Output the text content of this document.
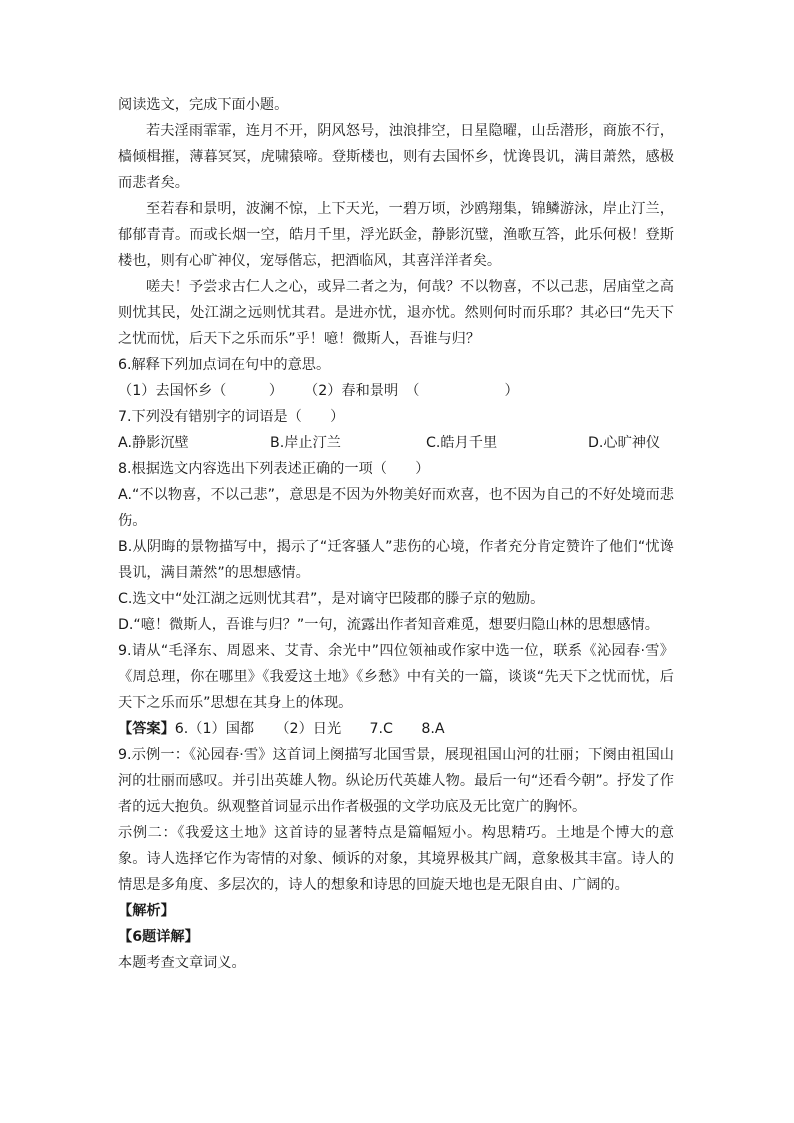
阅读选文，完成下面小题。

若夫淫雨霏霏，连月不开，阴风怒号，浊浪排空，日星隐曜，山岳潜形，商旅不行，樯倾楫摧，薄暮冥冥，虎啸猿啼。登斯楼也，则有去国怀乡，忧谗畏讥，满目萧然，感极而悲者矣。

至若春和景明，波澜不惊，上下天光，一碧万顷，沙鸥翔集，锦鳞游泳，岸止汀兰，郁郁青青。而或长烟一空，皓月千里，浮光跃金，静影沉璧，渔歌互答，此乐何极！登斯楼也，则有心旷神仪，宠辱偕忘，把酒临风，其喜洋洋者矣。

嗟夫！予尝求古仁人之心，或异二者之为，何哉？不以物喜，不以己悲，居庙堂之高则忧其民，处江湖之远则忧其君。是进亦忧，退亦忧。然则何时而乐耶？其必曰“先天下之忧而忧，后天下之乐而乐”乎！噫！微斯人，吾谁与归？

6.解释下列加点词在句中的意思。

（1）去国怀乡（　　　）	（2）春和景明　（　　　　　　）

7.下列没有错别字的词语是（　　）

A.静影沉壁	B.岸止汀兰	C.皓月千里	D.心旷神仪

8.根据选文内容选出下列表述正确的一项（　　）

A.“不以物喜，不以己悲”，意思是不因为外物美好而欢喜，也不因为自己的不好处境而悲伤。

B.从阴晦的景物描写中，揭示了“迁客骚人”悲伤的心境，作者充分肯定赞许了他们“忧谗畏讥，满目萧然”的思想感情。

C.选文中“处江湖之远则忧其君”，是对谪守巴陵郡的滕子京的勉励。

D.“噫！微斯人，吾谁与归？”一句，流露出作者知音难觅，想要归隐山林的思想感情。

9.请从“毛泽东、周恩来、艾青、余光中”四位领袖或作家中选一位，联系《沁园春·雪》《周总理，你在哪里》《我爱这土地》《乡愁》中有关的一篇，谈谈“先天下之忧而忧，后天下之乐而乐”思想在其身上的体现。

【答案】6.（1）国都　　（2）日光　　7.C　　8.A

9.示例一：《沁园春·雪》这首词上阕描写北国雪景，展现祖国山河的壮丽；下阕由祖国山河的壮丽而感叹。并引出英雄人物。纵论历代英雄人物。最后一句“还看今朝”。抒发了作者的远大抱负。纵观整首词显示出作者极强的文学功底及无比宽广的胸怀。

示例二：《我爱这土地》这首诗的显著特点是篇幅短小。构思精巧。土地是个博大的意象。诗人选择它作为寄情的对象、倾诉的对象，其境界极其广阔，意象极其丰富。诗人的情思是多角度、多层次的，诗人的想象和诗思的回旋天地也是无限自由、广阔的。

【解析】

【6题详解】

本题考查文章词义。
